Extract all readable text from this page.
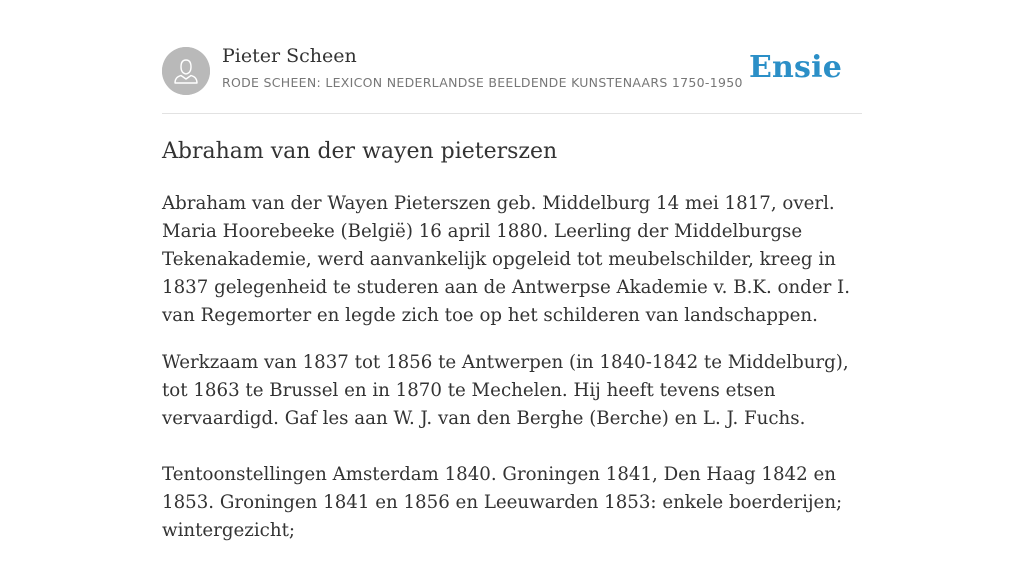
Pieter Scheen
RODE SCHEEN: LEXICON NEDERLANDSE BEELDENDE KUNSTENAARS 1750-1950 Ensie
Abraham van der wayen pieterszen

Abraham van der Wayen Pieterszen geb. Middelburg 14 mei 1817, overl. Maria Hoorebeeke (België) 16 april 1880. Leerling der Middelburgse Tekenakademie, werd aanvankelijk opgeleid tot meubelschilder, kreeg in 1837 gelegenheid te studeren aan de Antwerpse Akademie v. B.K. onder I. van Regemorter en legde zich toe op het schilderen van landschappen.

Werkzaam van 1837 tot 1856 te Antwerpen (in 1840-1842 te Middelburg), tot 1863 te Brussel en in 1870 te Mechelen. Hij heeft tevens etsen vervaardigd. Gaf les aan W. J. van den Berghe (Berche) en L. J. Fuchs.

Tentoonstellingen Amsterdam 1840. Groningen 1841, Den Haag 1842 en 1853. Groningen 1841 en 1856 en Leeuwarden 1853: enkele boerderijen; wintergezicht;
